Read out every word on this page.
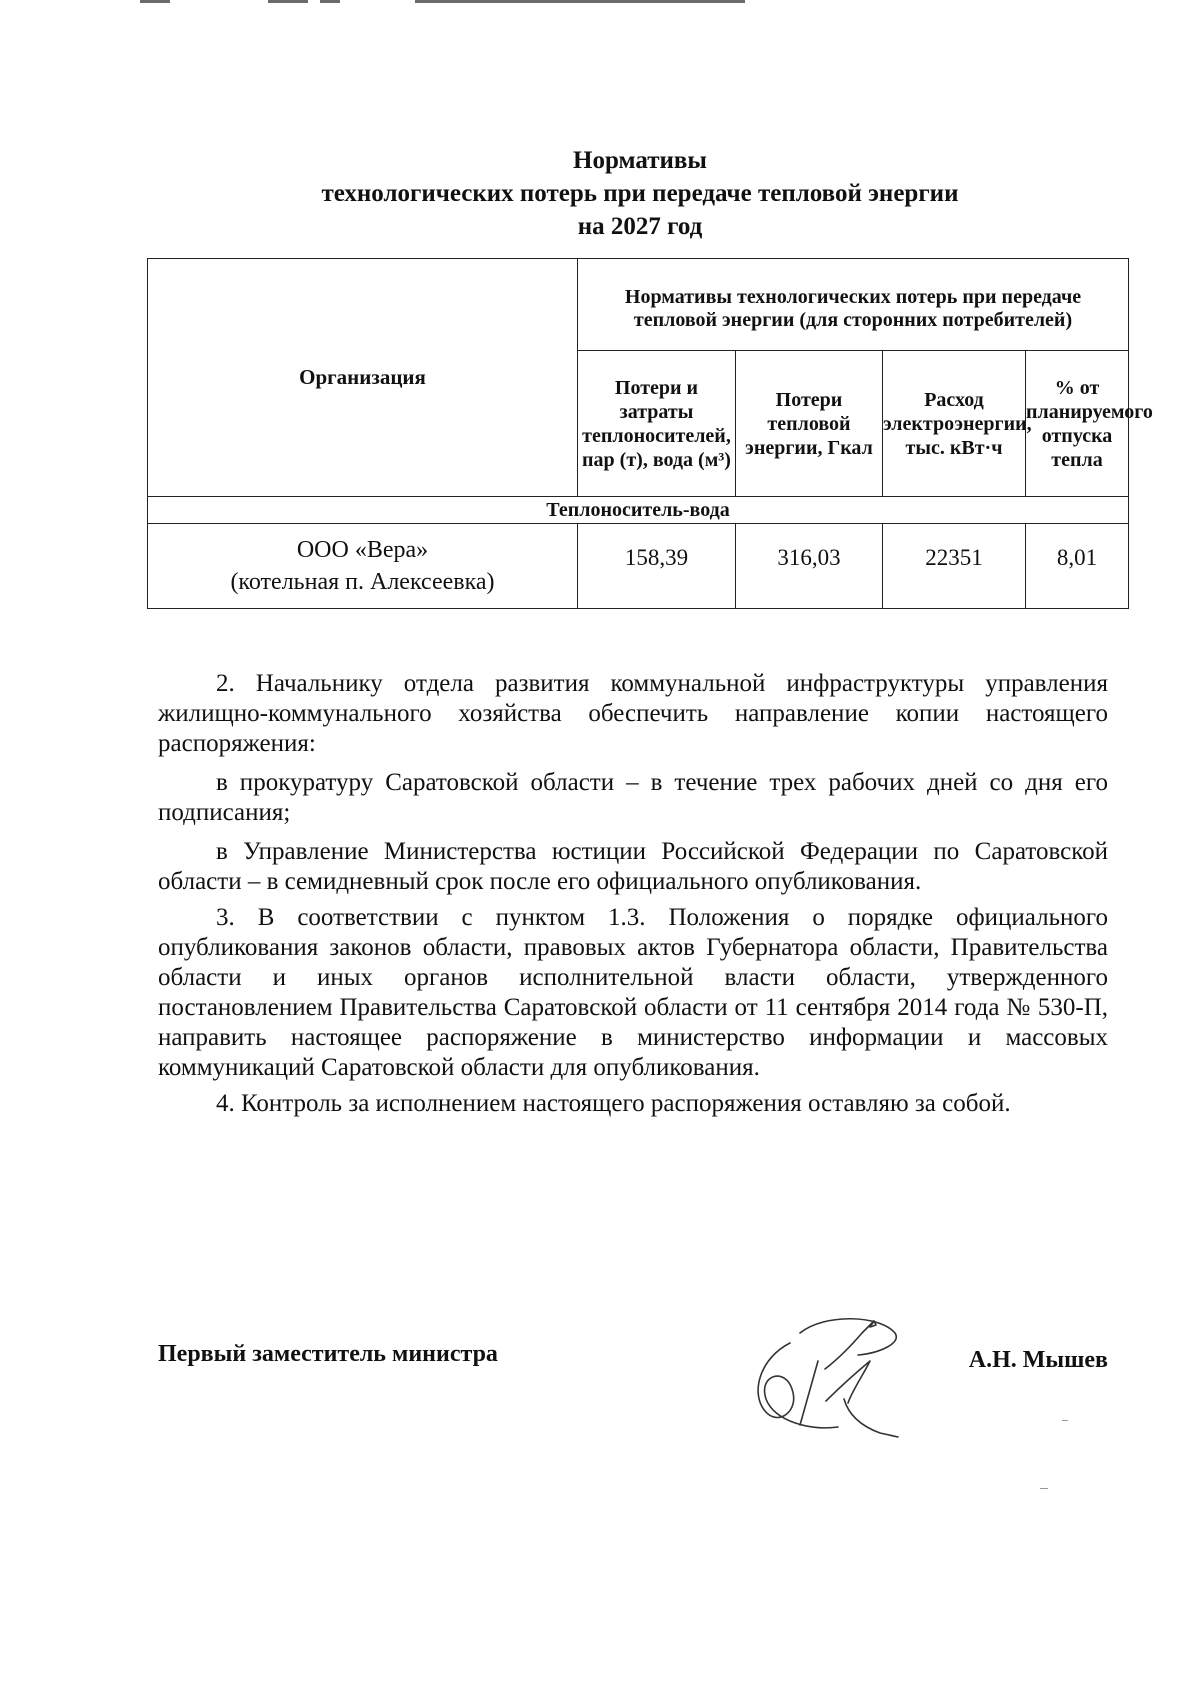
Нормативы
технологических потерь при передаче тепловой энергии
на 2027 год
Организация	Нормативы технологических потерь при передаче тепловой энергии (для сторонних потребителей)			
	Потери и затраты теплоносителей, пар (т), вода (м³)	Потери тепловой энергии, Гкал	Расход электроэнергии, тыс. кВт·ч	% от планируемого отпуска тепла
Теплоноситель-вода				

ООО «Вера»
(котельная п. Алексеевка)	158,39	316,03	22351	8,01

2. Начальнику отдела развития коммунальной инфраструктуры управления жилищно-коммунального хозяйства обеспечить направление копии настоящего распоряжения:

в прокуратуру Саратовской области – в течение трех рабочих дней со дня его подписания;

в Управление Министерства юстиции Российской Федерации по Саратовской области – в семидневный срок после его официального опубликования.

3. В соответствии с пунктом 1.3. Положения о порядке официального опубликования законов области, правовых актов Губернатора области, Правительства области и иных органов исполнительной власти области, утвержденного постановлением Правительства Саратовской области от 11 сентября 2014 года № 530-П, направить настоящее распоряжение в министерство информации и массовых коммуникаций Саратовской области для опубликования.

4. Контроль за исполнением настоящего распоряжения оставляю за собой.

Первый заместитель министра	А.Н. Мышев
